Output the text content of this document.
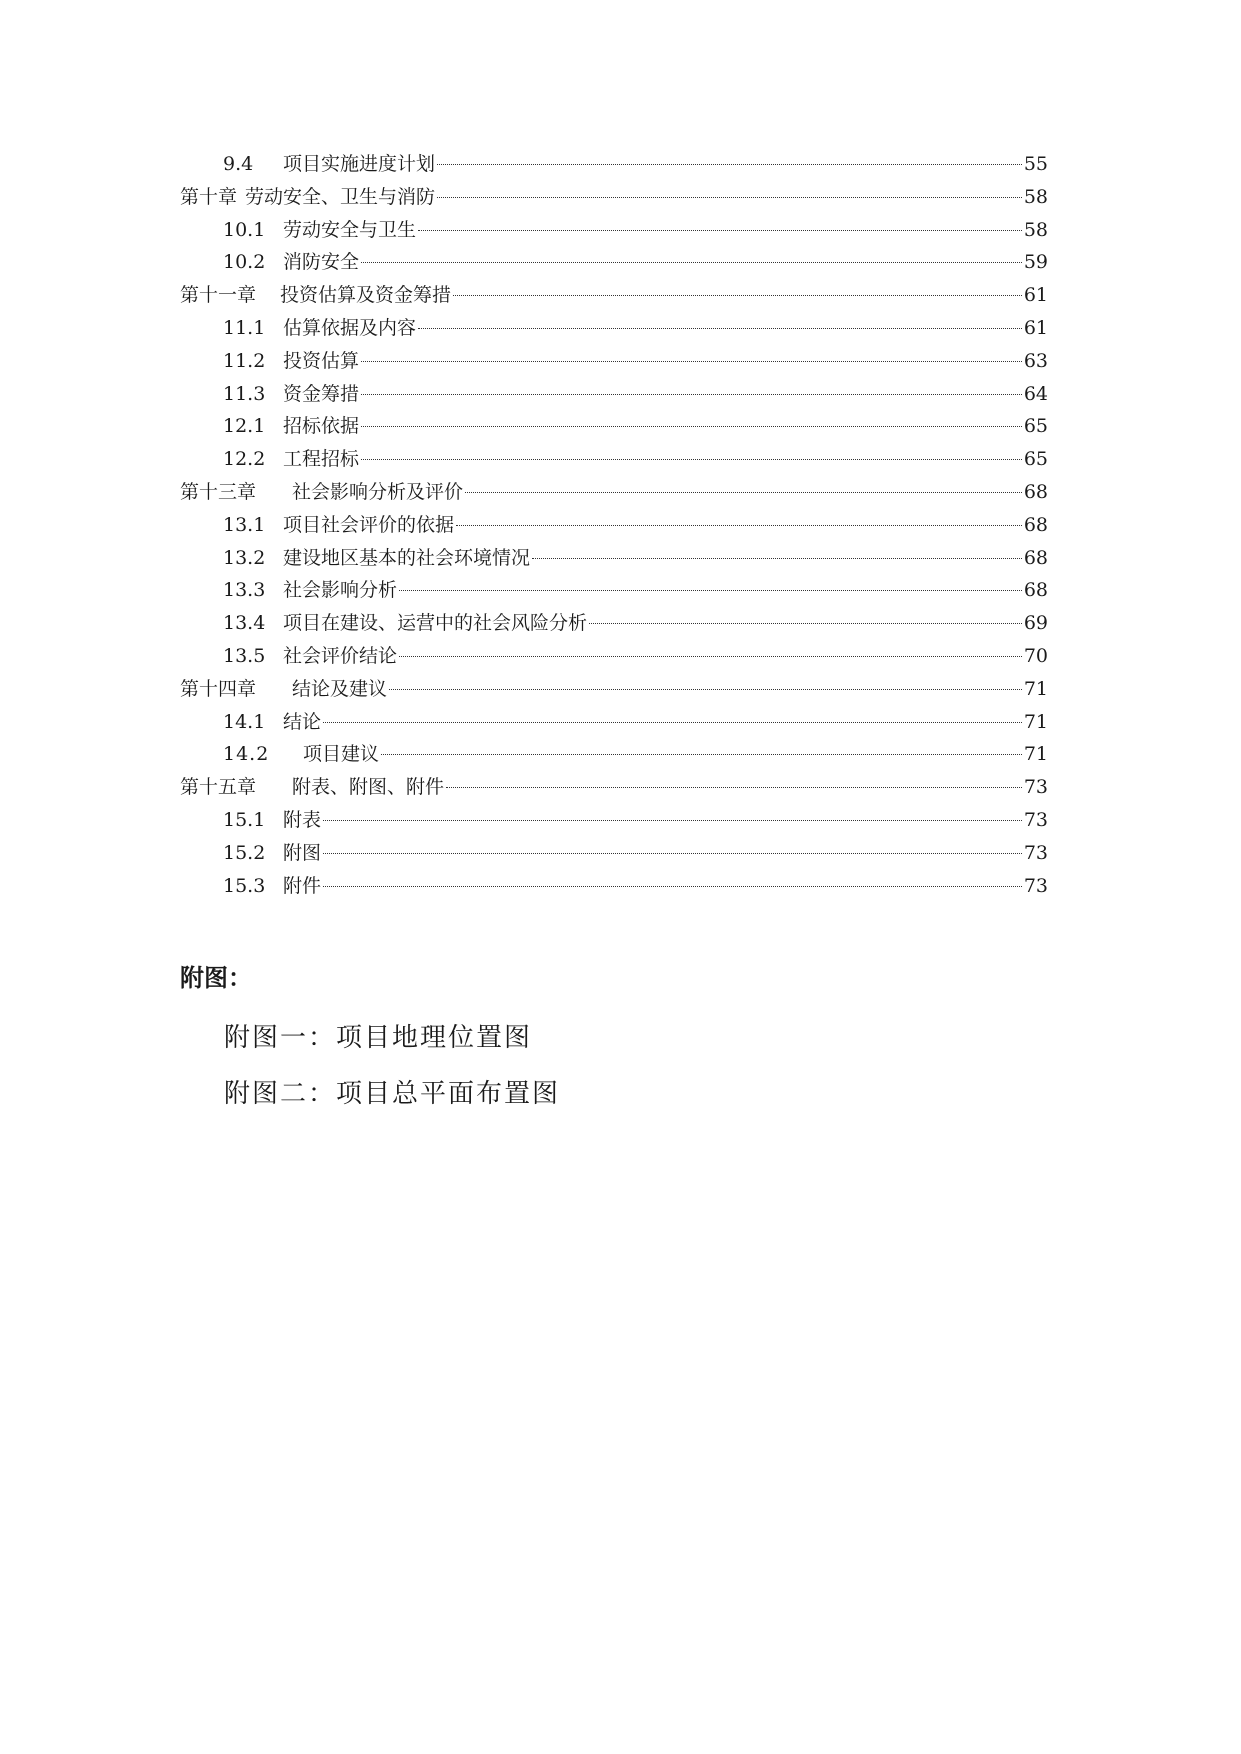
9.4	项目实施进度计划	55
第十章 劳动安全、卫生与消防	58
10.1 劳动安全与卫生	58
10.2 消防安全	59
第十一章 投资估算及资金筹措	61
11.1 估算依据及内容	61
11.2 投资估算	63
11.3 资金筹措	64
12.1 招标依据	65
12.2 工程招标	65
第十三章 社会影响分析及评价	68
13.1 项目社会评价的依据	68
13.2 建设地区基本的社会环境情况	68
13.3 社会影响分析	68
13.4 项目在建设、运营中的社会风险分析	69
13.5 社会评价结论	70
第十四章 结论及建议	71
14.1 结论	71
14.2	项目建议	71
第十五章 附表、附图、附件	73
15.1 附表	73
15.2 附图	73
15.3 附件	73
附图：
附图一：项目地理位置图
附图二：项目总平面布置图
